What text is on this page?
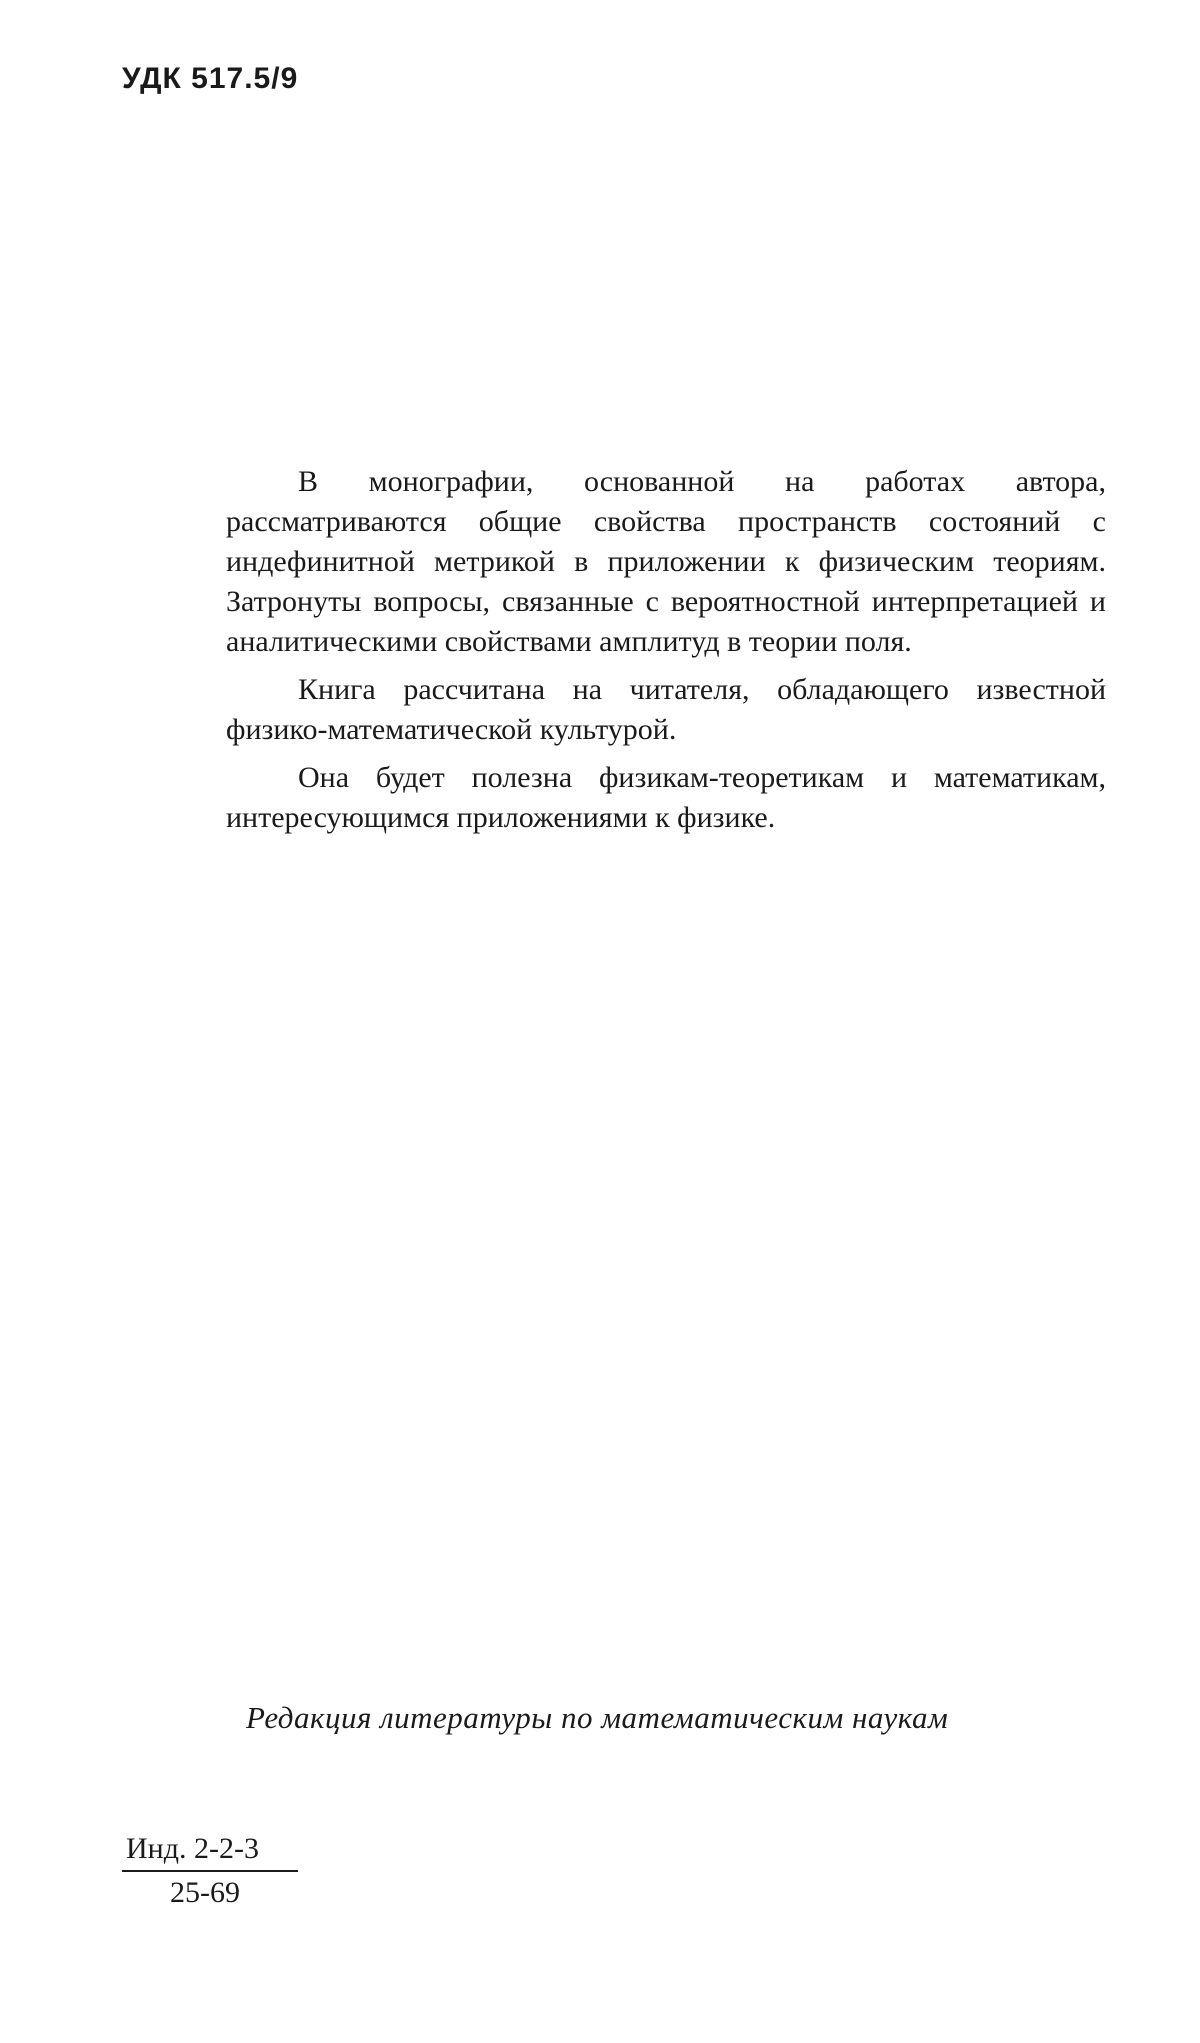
УДК 517.5/9

В монографии, основанной на работах автора, рассматриваются общие свойства пространств состояний с индефинитной метрикой в приложении к физическим теориям. Затронуты вопросы, связанные с вероятностной интерпретацией и аналитическими свойствами амплитуд в теории поля.

Книга рассчитана на читателя, обладающего известной физико-математической культурой.

Она будет полезна физикам-теоретикам и математикам, интересующимся приложениями к физике.

Редакция литературы по математическим наукам
Инд. 2-2-3
25-69
